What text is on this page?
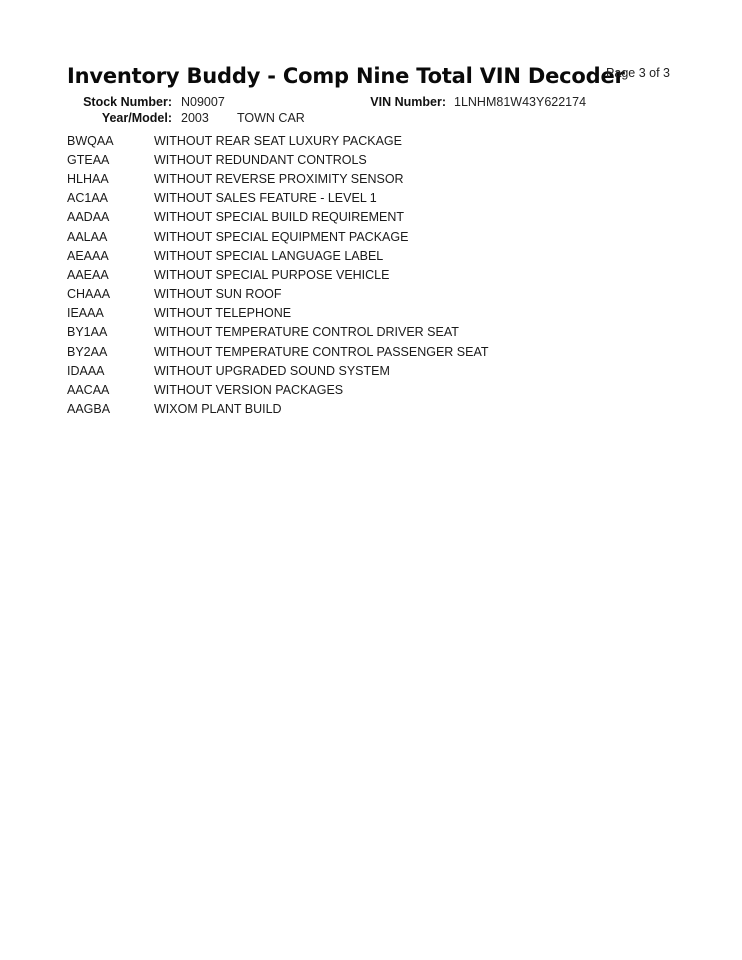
Inventory Buddy - Comp Nine Total VIN Decoder
Page 3 of 3
Stock Number: N09007	VIN Number: 1LNHM81W43Y622174
Year/Model: 2003 TOWN CAR
BWQAA	WITHOUT REAR SEAT LUXURY PACKAGE
GTEAA	WITHOUT REDUNDANT CONTROLS
HLHAA	WITHOUT REVERSE PROXIMITY SENSOR
AC1AA	WITHOUT SALES FEATURE - LEVEL 1
AADAA	WITHOUT SPECIAL BUILD REQUIREMENT
AALAA	WITHOUT SPECIAL EQUIPMENT PACKAGE
AEAAA	WITHOUT SPECIAL LANGUAGE LABEL
AAEAA	WITHOUT SPECIAL PURPOSE VEHICLE
CHAAA	WITHOUT SUN ROOF
IEAAA	WITHOUT TELEPHONE
BY1AA	WITHOUT TEMPERATURE CONTROL DRIVER SEAT
BY2AA	WITHOUT TEMPERATURE CONTROL PASSENGER SEAT
IDAAA	WITHOUT UPGRADED SOUND SYSTEM
AACAA	WITHOUT VERSION PACKAGES
AAGBA	WIXOM PLANT BUILD
